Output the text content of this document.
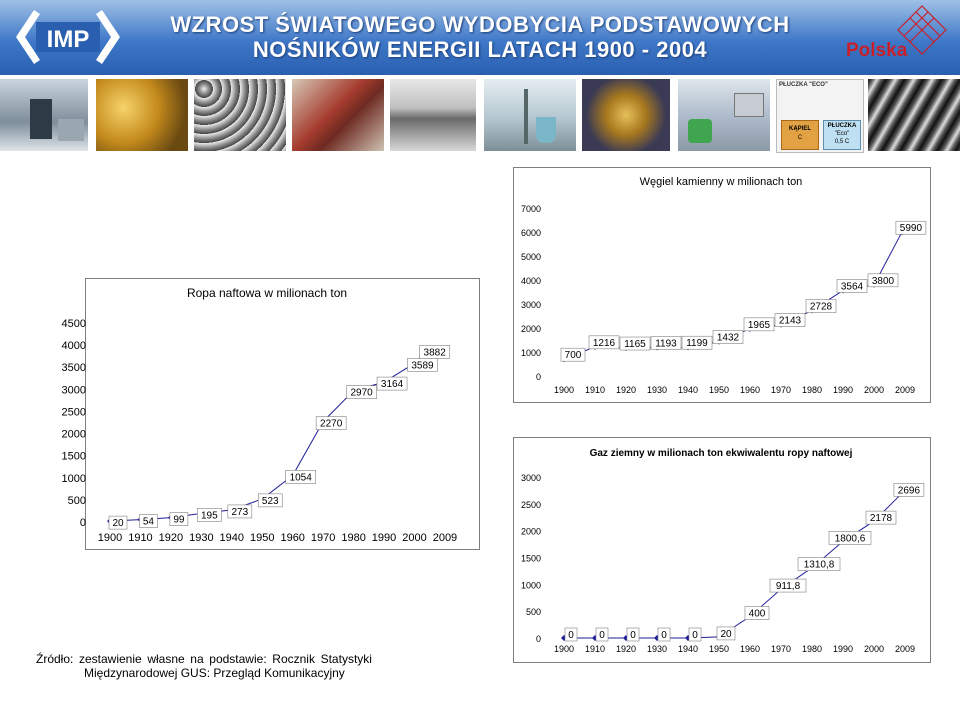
IMP
WZROST ŚWIATOWEGO WYDOBYCIA PODSTAWOWYCH
NOŚNIKÓW ENERGII LATACH 1900 - 2004	Polska
PŁUCZKA "ECO"
KĄPIEL
C
PŁUCZKA
"Eco"
0,5 C
Ropa naftowa w milionach ton
0
500
1000
1500
2000
2500
3000
3500
4000
4500
1900 1910 1920 1930 1940 1950 1960 1970 1980 1990 2000 2009
20 54 99 195 273
523
1054
2270
2970
3164
3589
3882
Węgiel kamienny w milionach ton
0
1000
2000
3000
4000
5000
6000
7000
1900 1910 1920 1930 1940 1950 1960 1970 1980 1990 2000 2009
700
1216 1165 1193 1199
1432
1965 2143
2728
3564
3800
5990
Gaz ziemny w milionach ton ekwiwalentu ropy naftowej
0
500
1000
1500
2000
2500
3000
1900 1910 1920 1930 1940 1950 1960 1970 1980 1990 2000 2009
0	0	0	0	0 20
400
911,8
1310,8
1800,6
2178
2696
Źródło: zestawienie własne na podstawie: Rocznik Statystyki
Międzynarodowej GUS: Przegląd Komunikacyjny
